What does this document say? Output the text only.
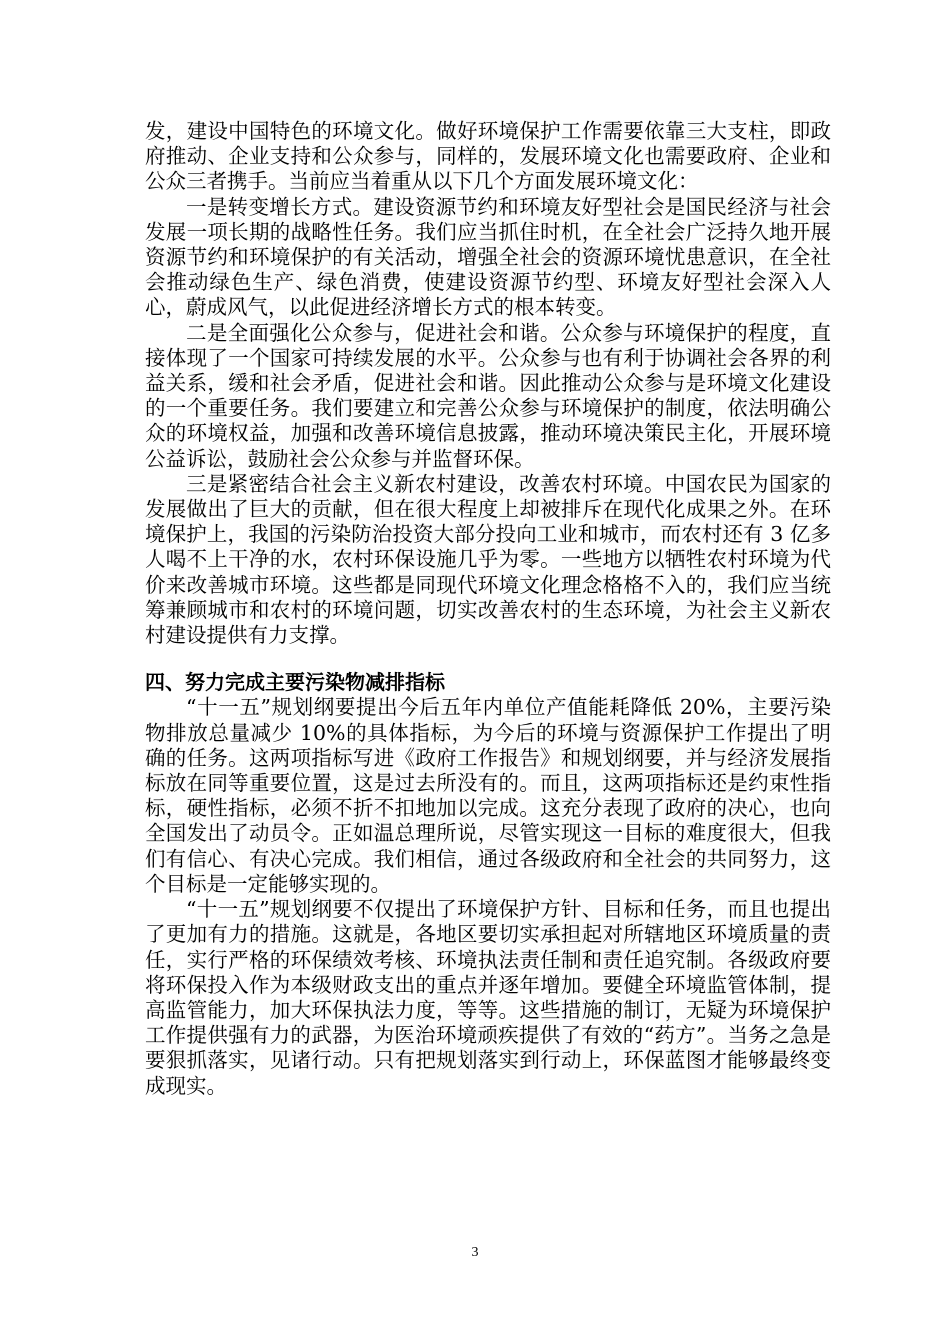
发，建设中国特色的环境文化。做好环境保护工作需要依靠三大支柱，即政府推动、企业支持和公众参与，同样的，发展环境文化也需要政府、企业和公众三者携手。当前应当着重从以下几个方面发展环境文化：

一是转变增长方式。建设资源节约和环境友好型社会是国民经济与社会发展一项长期的战略性任务。我们应当抓住时机，在全社会广泛持久地开展资源节约和环境保护的有关活动，增强全社会的资源环境忧患意识，在全社会推动绿色生产、绿色消费，使建设资源节约型、环境友好型社会深入人心，蔚成风气，以此促进经济增长方式的根本转变。

二是全面强化公众参与，促进社会和谐。公众参与环境保护的程度，直接体现了一个国家可持续发展的水平。公众参与也有利于协调社会各界的利益关系，缓和社会矛盾，促进社会和谐。因此推动公众参与是环境文化建设的一个重要任务。我们要建立和完善公众参与环境保护的制度，依法明确公众的环境权益，加强和改善环境信息披露，推动环境决策民主化，开展环境公益诉讼，鼓励社会公众参与并监督环保。

三是紧密结合社会主义新农村建设，改善农村环境。中国农民为国家的发展做出了巨大的贡献，但在很大程度上却被排斥在现代化成果之外。在环境保护上，我国的污染防治投资大部分投向工业和城市，而农村还有 3 亿多人喝不上干净的水，农村环保设施几乎为零。一些地方以牺牲农村环境为代价来改善城市环境。这些都是同现代环境文化理念格格不入的，我们应当统筹兼顾城市和农村的环境问题，切实改善农村的生态环境，为社会主义新农村建设提供有力支撑。

四、努力完成主要污染物减排指标

“十一五”规划纲要提出今后五年内单位产值能耗降低 20%，主要污染物排放总量减少 10%的具体指标，为今后的环境与资源保护工作提出了明确的任务。这两项指标写进《政府工作报告》和规划纲要，并与经济发展指标放在同等重要位置，这是过去所没有的。而且，这两项指标还是约束性指标，硬性指标，必须不折不扣地加以完成。这充分表现了政府的决心，也向全国发出了动员令。正如温总理所说，尽管实现这一目标的难度很大，但我们有信心、有决心完成。我们相信，通过各级政府和全社会的共同努力，这个目标是一定能够实现的。

“十一五”规划纲要不仅提出了环境保护方针、目标和任务，而且也提出了更加有力的措施。这就是，各地区要切实承担起对所辖地区环境质量的责任，实行严格的环保绩效考核、环境执法责任制和责任追究制。各级政府要将环保投入作为本级财政支出的重点并逐年增加。要健全环境监管体制，提高监管能力，加大环保执法力度，等等。这些措施的制订，无疑为环境保护工作提供强有力的武器，为医治环境顽疾提供了有效的“药方”。当务之急是要狠抓落实，见诸行动。只有把规划落实到行动上，环保蓝图才能够最终变成现实。

3
